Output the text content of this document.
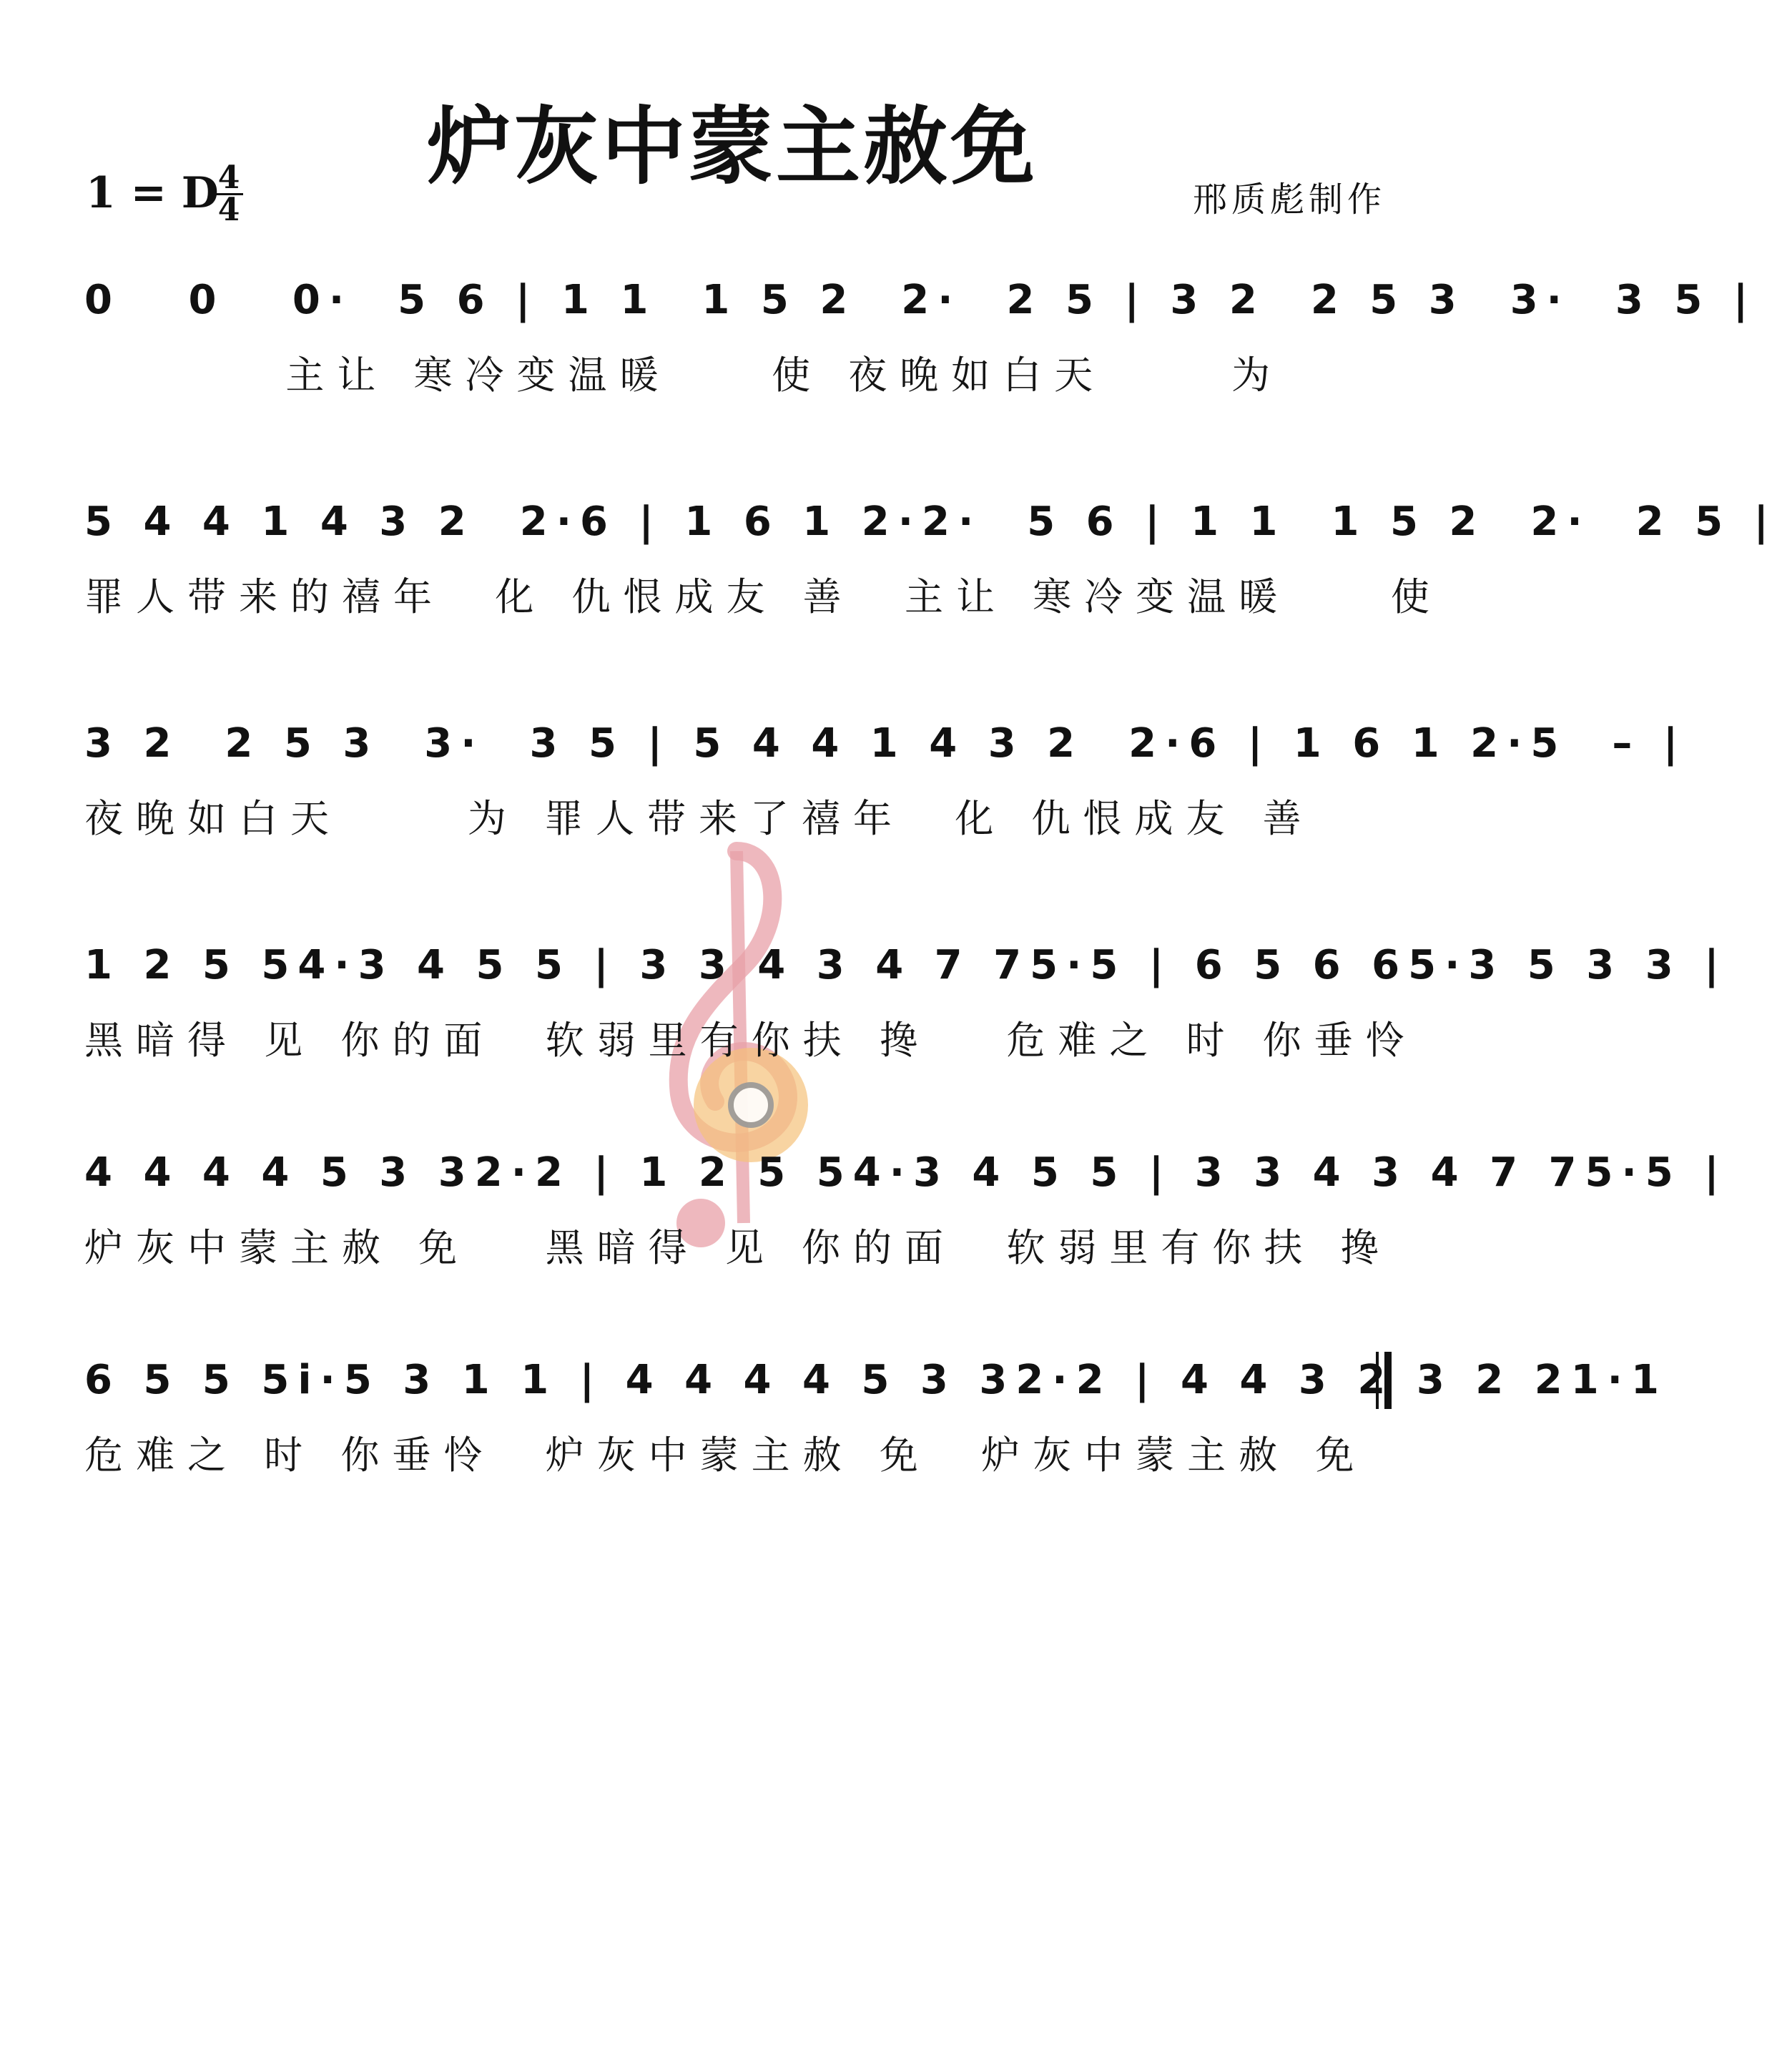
炉灰中蒙主赦免
1 = D
4
4	邢质彪制作
0   0   0·  5 6 | 1 1  1 5 2  2·  2 5 | 3 2  2 5 3  3·  3 5 |
主让 寒冷变温暖    使 夜晚如白天     为
5 4 4 1 4 3 2  2·6 | 1 6 1 2·2·  5 6 | 1 1  1 5 2  2·  2 5 |
罪人带来的禧年  化 仇恨成友 善  主让 寒冷变温暖    使
3 2  2 5 3  3·  3 5 | 5 4 4 1 4 3 2  2·6 | 1 6 1 2·5  – |
夜晚如白天     为 罪人带来了禧年  化 仇恨成友 善
1 2 5 54·3 4 5 5 | 3 3 4 3 4 7 75·5 | 6 5 6 65·3 5 3 3 |
黑暗得 见 你的面  软弱里有你扶 搀   危难之 时 你垂怜
4 4 4 4 5 3 32·2 | 1 2 5 54·3 4 5 5 | 3 3 4 3 4 7 75·5 |
炉灰中蒙主赦 免   黑暗得 见 你的面  软弱里有你扶 搀
6 5 5 5i·5 3 1 1 | 4 4 4 4 5 3 32·2 | 4 4 3 2 3 2 21·1
危难之 时 你垂怜  炉灰中蒙主赦 免  炉灰中蒙主赦 免
